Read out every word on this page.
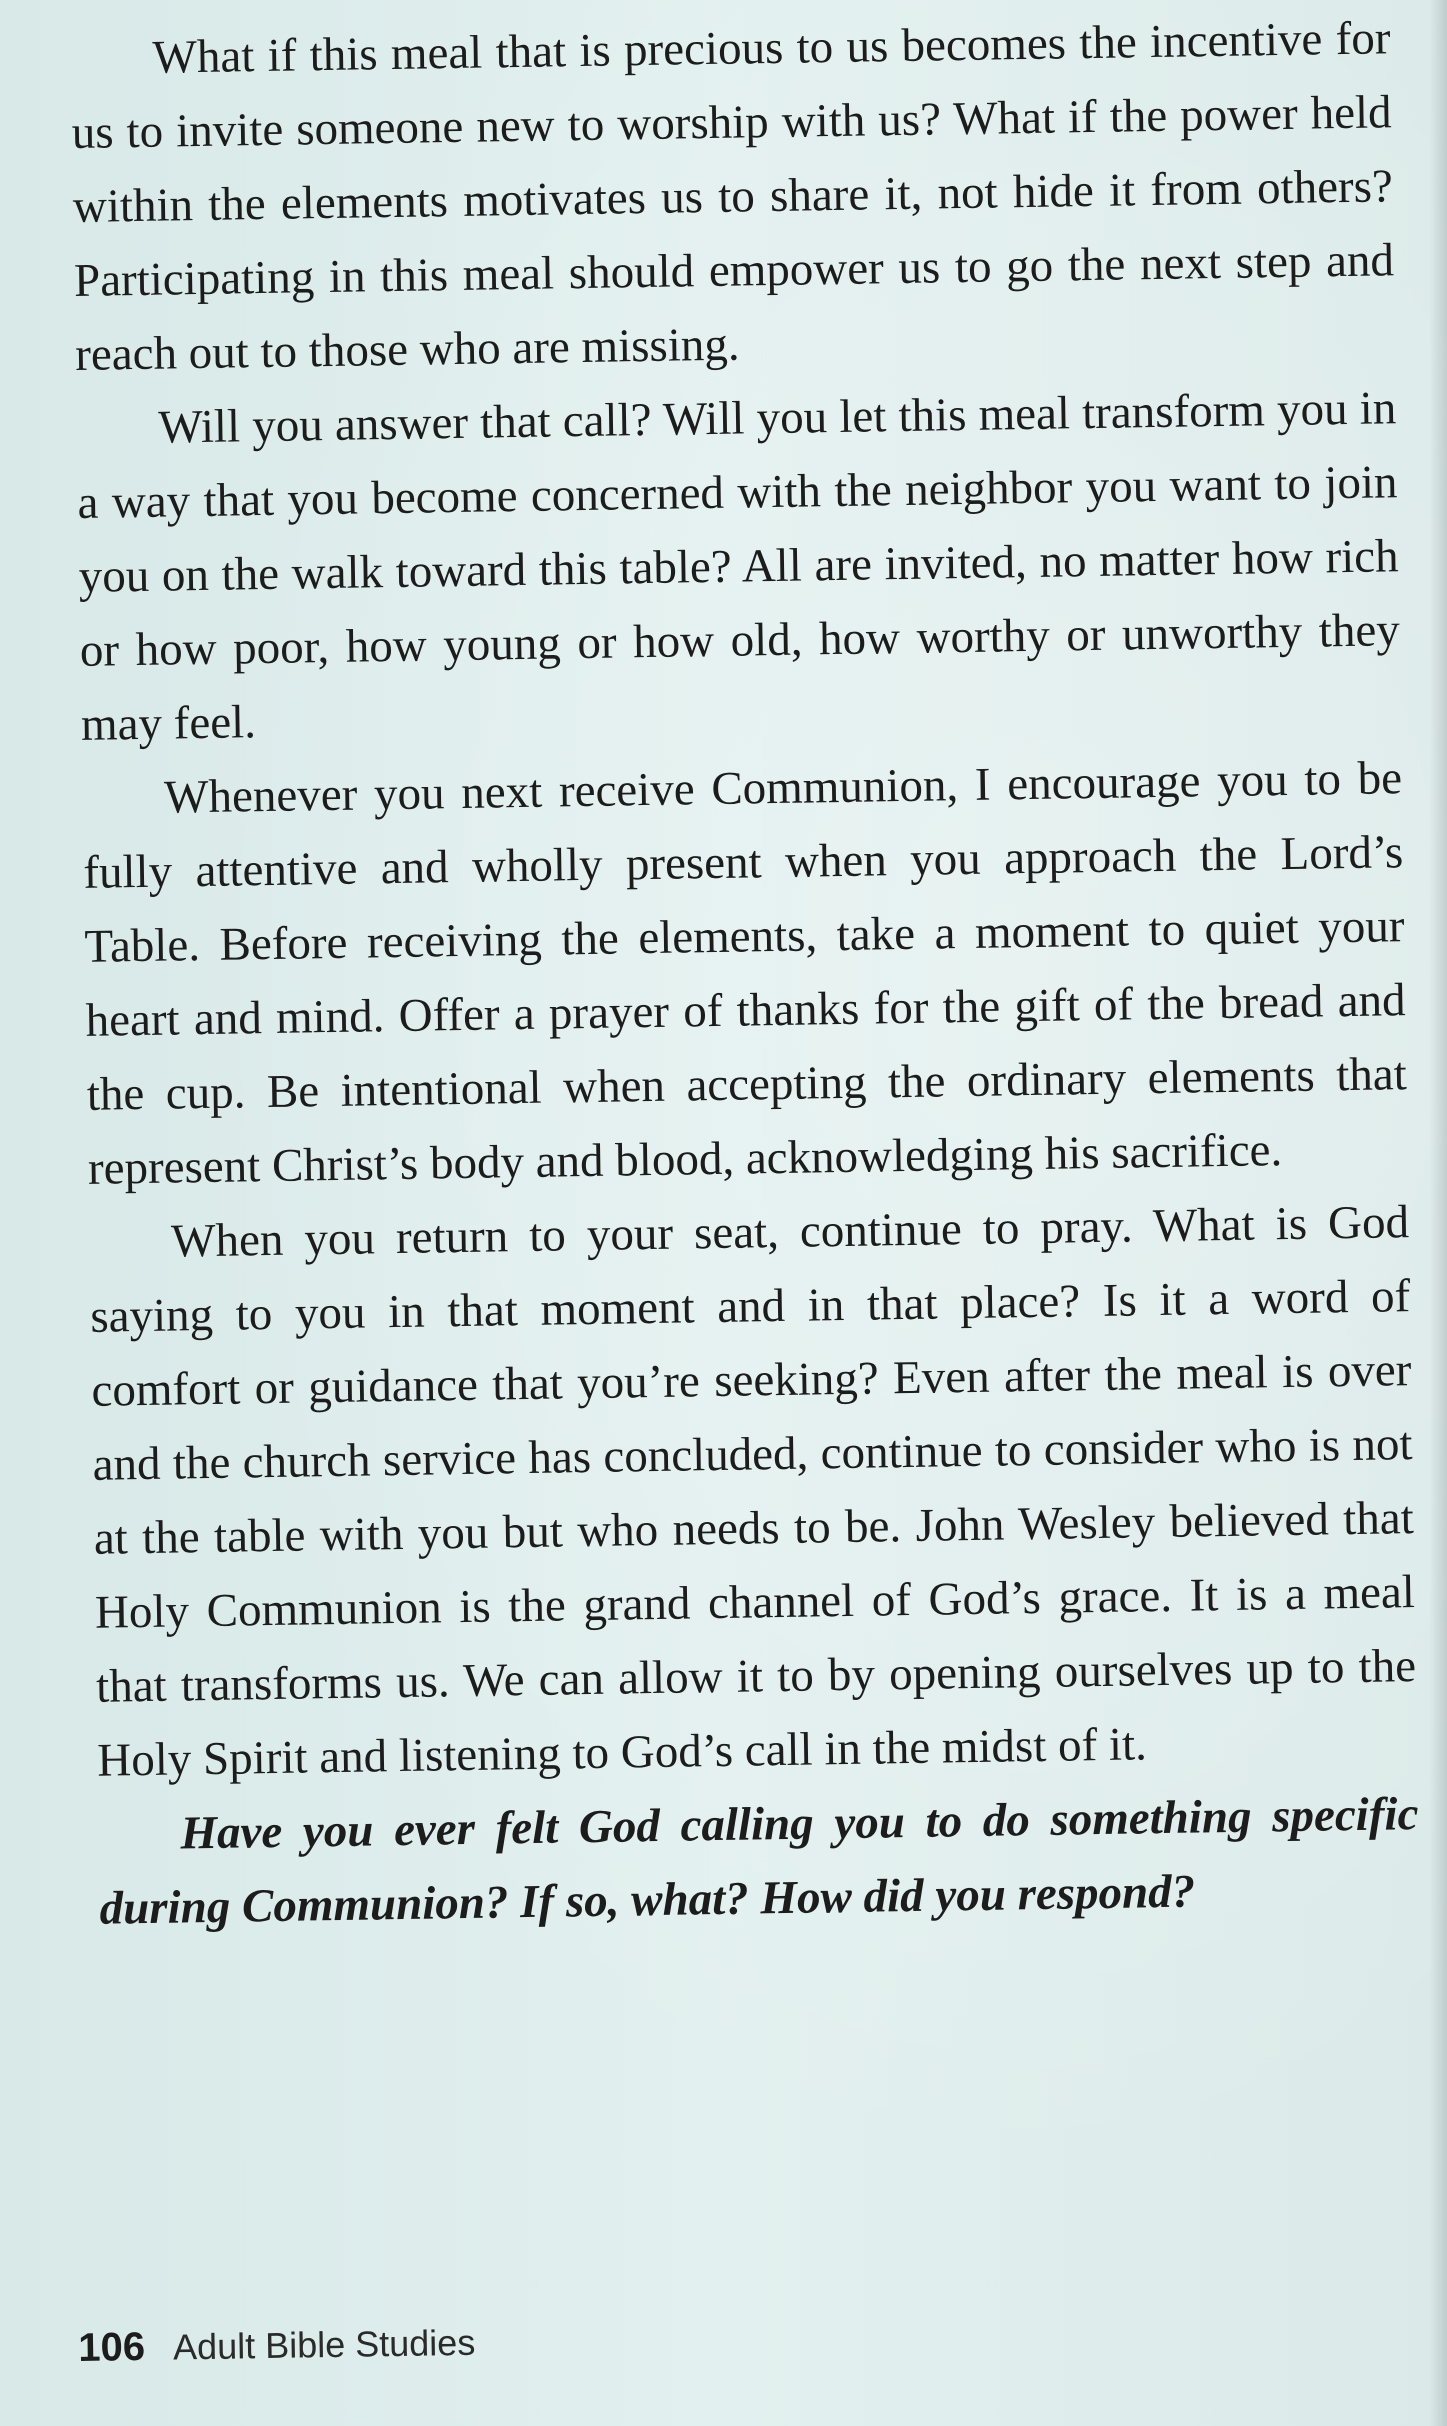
What if this meal that is precious to us becomes the incentive for us to invite someone new to worship with us? What if the power held within the elements motivates us to share it, not hide it from others? Participating in this meal should empower us to go the next step and reach out to those who are missing.

Will you answer that call? Will you let this meal transform you in a way that you become concerned with the neighbor you want to join you on the walk toward this table? All are invited, no matter how rich or how poor, how young or how old, how worthy or unworthy they may feel.

Whenever you next receive Communion, I encourage you to be fully attentive and wholly present when you approach the Lord’s Table. Before receiving the elements, take a moment to quiet your heart and mind. Offer a prayer of thanks for the gift of the bread and the cup. Be intentional when accepting the ordinary elements that represent Christ’s body and blood, acknowledging his sacrifice.

When you return to your seat, continue to pray. What is God saying to you in that moment and in that place? Is it a word of comfort or guidance that you’re seeking? Even after the meal is over and the church service has concluded, continue to consider who is not at the table with you but who needs to be. John Wesley believed that Holy Communion is the grand channel of God’s grace. It is a meal that transforms us. We can allow it to by opening ourselves up to the Holy Spirit and listening to God’s call in the midst of it.

Have you ever felt God calling you to do something specific during Communion? If so, what? How did you respond?

106 Adult Bible Studies
